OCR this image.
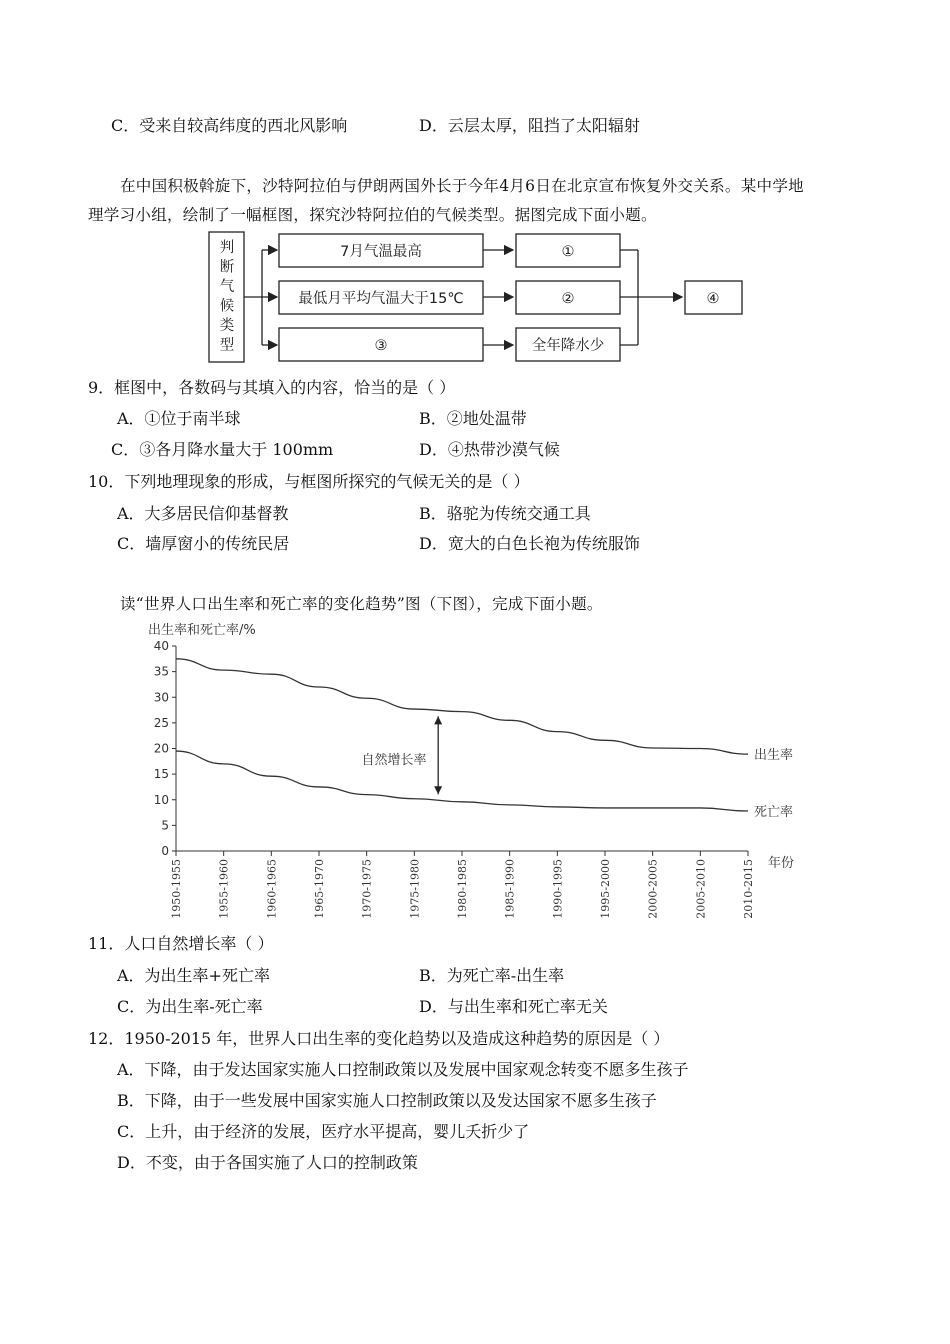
C．受来自较高纬度的西北风影响	D．云层太厚，阻挡了太阳辐射
在中国积极斡旋下，沙特阿拉伯与伊朗两国外长于今年4月6日在北京宣布恢复外交关系。某中学地
理学习小组，绘制了一幅框图，探究沙特阿拉伯的气候类型。据图完成下面小题。
判
断
气
候
类
型
7月气温最高
最低月平均气温大于15℃
③
①
②
全年降水少
④
9．框图中，各数码与其填入的内容，恰当的是（ ）
A．①位于南半球	B．②地处温带
C．③各月降水量大于 100mm	D．④热带沙漠气候
10．下列地理现象的形成，与框图所探究的气候无关的是（ ）
A．大多居民信仰基督教	B．骆驼为传统交通工具
C．墙厚窗小的传统民居	D．宽大的白色长袍为传统服饰
读“世界人口出生率和死亡率的变化趋势”图（下图），完成下面小题。
出生率和死亡率/%
年份
0
5
10
15
20
25
30
35
40
1950-1955	1955-1960	1960-1965	1965-1970	1970-1975	1975-1980	1980-1985	1985-1990	1990-1995	1995-2000	2000-2005	2005-2010	2010-2015
自然增长率	出生率
死亡率
11．人口自然增长率（ ）
A．为出生率+死亡率	B．为死亡率-出生率
C．为出生率-死亡率	D．与出生率和死亡率无关
12．1950-2015 年，世界人口出生率的变化趋势以及造成这种趋势的原因是（ ）
A．下降，由于发达国家实施人口控制政策以及发展中国家观念转变不愿多生孩子
B．下降，由于一些发展中国家实施人口控制政策以及发达国家不愿多生孩子
C．上升，由于经济的发展，医疗水平提高，婴儿夭折少了
D．不变，由于各国实施了人口的控制政策
